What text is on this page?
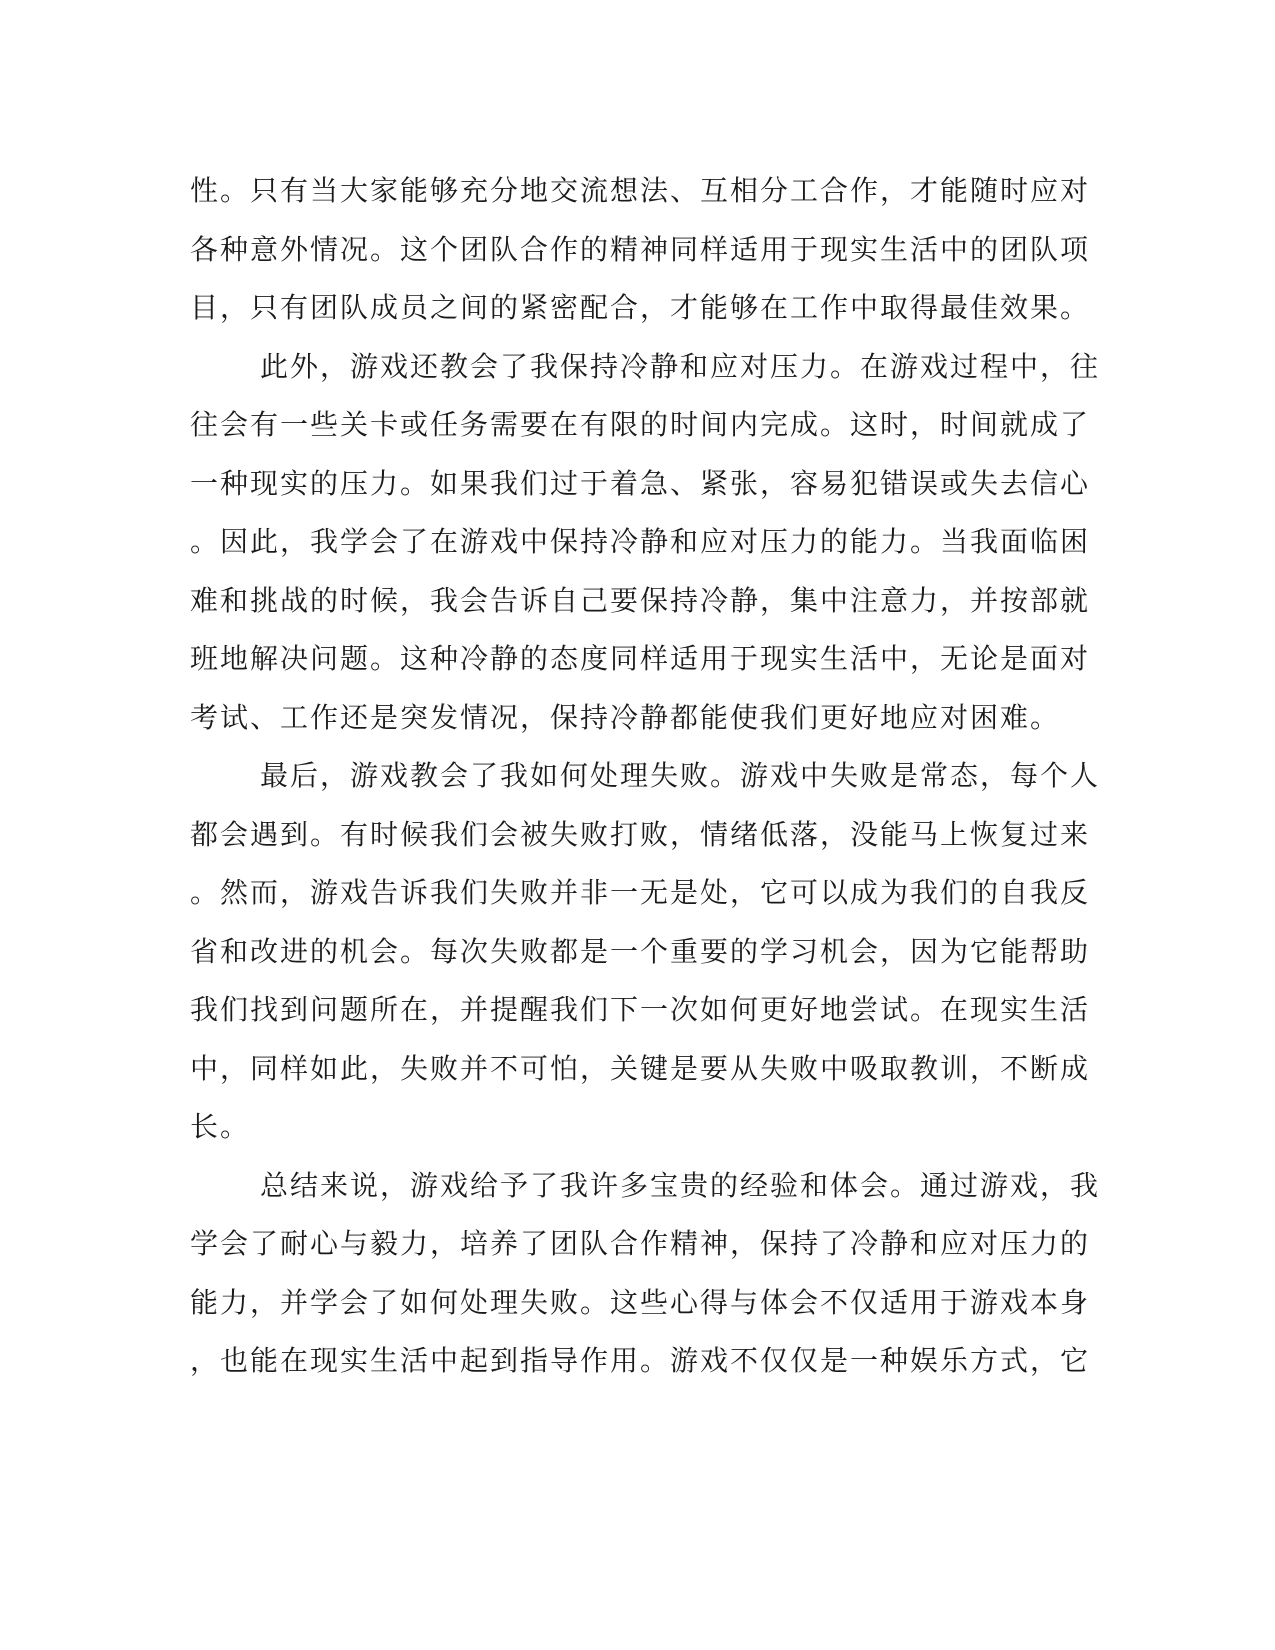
性。只有当大家能够充分地交流想法、互相分工合作，才能随时应对
各种意外情况。这个团队合作的精神同样适用于现实生活中的团队项
目，只有团队成员之间的紧密配合，才能够在工作中取得最佳效果。
此外，游戏还教会了我保持冷静和应对压力。在游戏过程中，往
往会有一些关卡或任务需要在有限的时间内完成。这时，时间就成了
一种现实的压力。如果我们过于着急、紧张，容易犯错误或失去信心
。因此，我学会了在游戏中保持冷静和应对压力的能力。当我面临困
难和挑战的时候，我会告诉自己要保持冷静，集中注意力，并按部就
班地解决问题。这种冷静的态度同样适用于现实生活中，无论是面对
考试、工作还是突发情况，保持冷静都能使我们更好地应对困难。
最后，游戏教会了我如何处理失败。游戏中失败是常态，每个人
都会遇到。有时候我们会被失败打败，情绪低落，没能马上恢复过来
。然而，游戏告诉我们失败并非一无是处，它可以成为我们的自我反
省和改进的机会。每次失败都是一个重要的学习机会，因为它能帮助
我们找到问题所在，并提醒我们下一次如何更好地尝试。在现实生活
中，同样如此，失败并不可怕，关键是要从失败中吸取教训，不断成
长。
总结来说，游戏给予了我许多宝贵的经验和体会。通过游戏，我
学会了耐心与毅力，培养了团队合作精神，保持了冷静和应对压力的
能力，并学会了如何处理失败。这些心得与体会不仅适用于游戏本身
，也能在现实生活中起到指导作用。游戏不仅仅是一种娱乐方式，它
